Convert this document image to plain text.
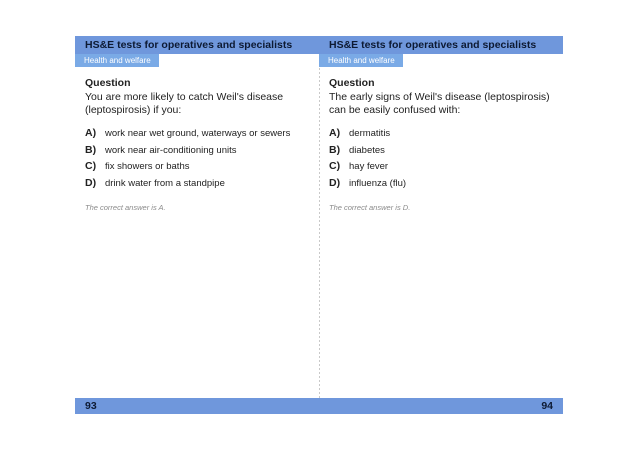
HS&E tests for operatives and specialists
Health and welfare
Question
You are more likely to catch Weil's disease (leptospirosis) if you:
A) work near wet ground, waterways or sewers
B) work near air-conditioning units
C) fix showers or baths
D) drink water from a standpipe
The correct answer is A.
93
HS&E tests for operatives and specialists
Health and welfare
Question
The early signs of Weil's disease (leptospirosis) can be easily confused with:
A) dermatitis
B) diabetes
C) hay fever
D) influenza (flu)
The correct answer is D.
94
